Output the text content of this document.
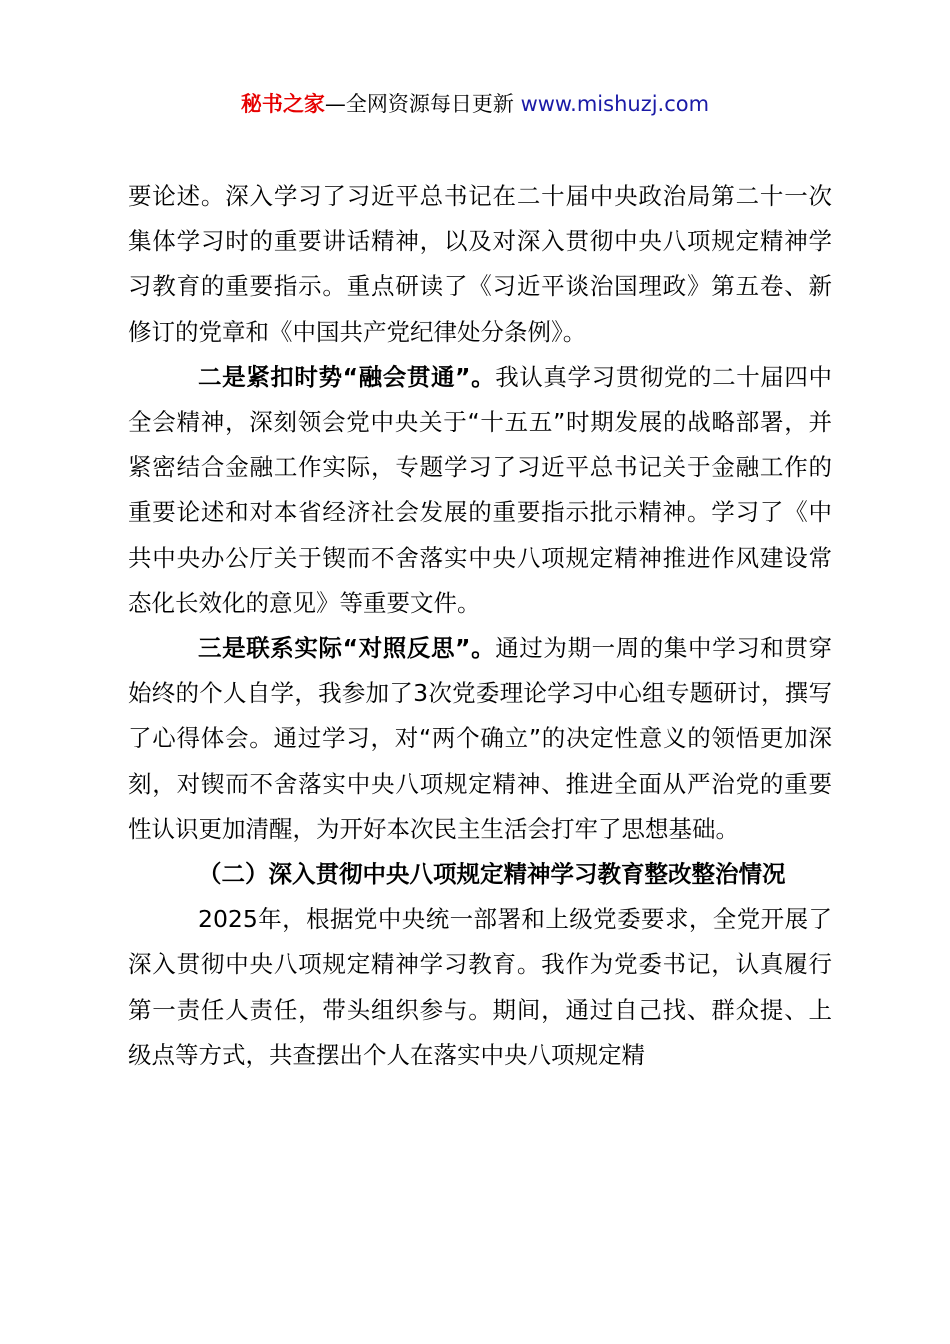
秘书之家—全网资源每日更新 www.mishuzj.com

要论述。深入学习了习近平总书记在二十届中央政治局第二十一次集体学习时的重要讲话精神，以及对深入贯彻中央八项规定精神学习教育的重要指示。重点研读了《习近平谈治国理政》第五卷、新修订的党章和《中国共产党纪律处分条例》。

二是紧扣时势“融会贯通”。我认真学习贯彻党的二十届四中全会精神，深刻领会党中央关于“十五五”时期发展的战略部署，并紧密结合金融工作实际，专题学习了习近平总书记关于金融工作的重要论述和对本省经济社会发展的重要指示批示精神。学习了《中共中央办公厅关于锲而不舍落实中央八项规定精神推进作风建设常态化长效化的意见》等重要文件。

三是联系实际“对照反思”。通过为期一周的集中学习和贯穿始终的个人自学，我参加了3次党委理论学习中心组专题研讨，撰写了心得体会。通过学习，对“两个确立”的决定性意义的领悟更加深刻，对锲而不舍落实中央八项规定精神、推进全面从严治党的重要性认识更加清醒，为开好本次民主生活会打牢了思想基础。

（二）深入贯彻中央八项规定精神学习教育整改整治情况

2025年，根据党中央统一部署和上级党委要求，全党开展了深入贯彻中央八项规定精神学习教育。我作为党委书记，认真履行第一责任人责任，带头组织参与。期间，通过自己找、群众提、上级点等方式，共查摆出个人在落实中央八项规定精
